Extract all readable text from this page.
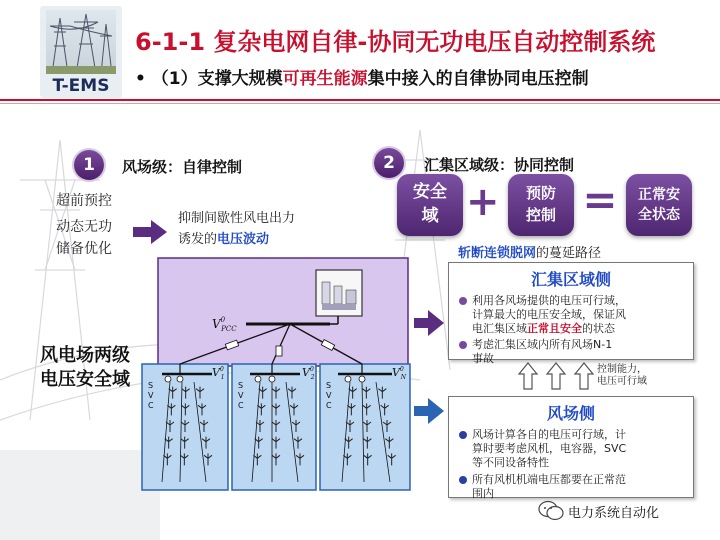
T-EMS
6-1-1 复杂电网自律-协同无功电压自动控制系统
• （1）支撑大规模可再生能源集中接入的自律协同电压控制
1	风场级：自律控制
超前预控
动态无功
储备优化
抑制间歇性风电出力
诱发的电压波动
2	汇集区域级：协同控制
安全
域 +	预防
控制 =	正常安
全状态
斩断连锁脱网的蔓延路径
风电场两级
电压安全域
$V^0$ PCC
$V^0$ 1	$V^0$ 2	$V^0$ N
S
V
C
S
V
C
S
V
C
汇集区域侧
利用各风场提供的电压可行域，
计算最大的电压安全域，保证风
电汇集区域正常且安全的状态
考虑汇集区域内所有风场N-1
事故
控制能力，
电压可行域
风场侧
风场计算各自的电压可行域，计
算时要考虑风机，电容器，SVC
等不同设备特性
所有风机机端电压都要在正常范
围内
电力系统自动化
